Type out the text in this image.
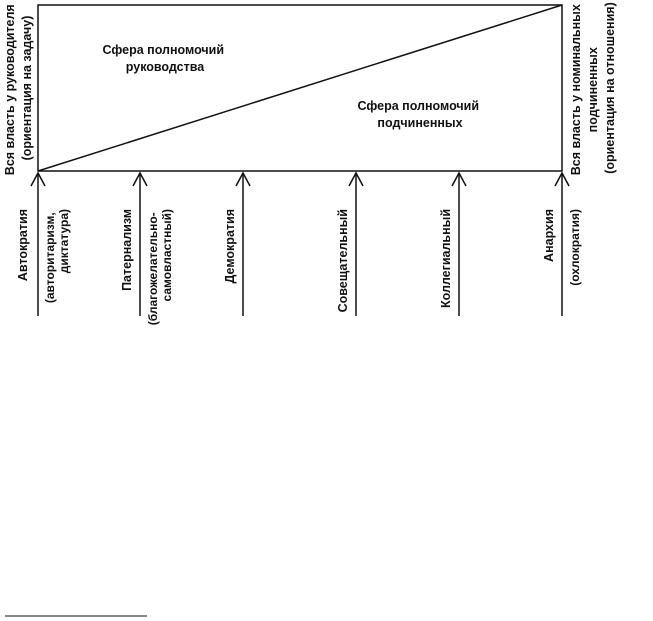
Сфера полномочий руководства
Сфера полномочий подчиненных
Вся власть у руководителя (ориентация на задачу)	Вся власть у номинальных подчиненных (ориентация на отношения)
Автократия (авторитаризм, диктатура)	Патернализм (благожелательно- самовластный)	Демократия	Совещательный	Коллегиальный	Анархия (охлократия)
